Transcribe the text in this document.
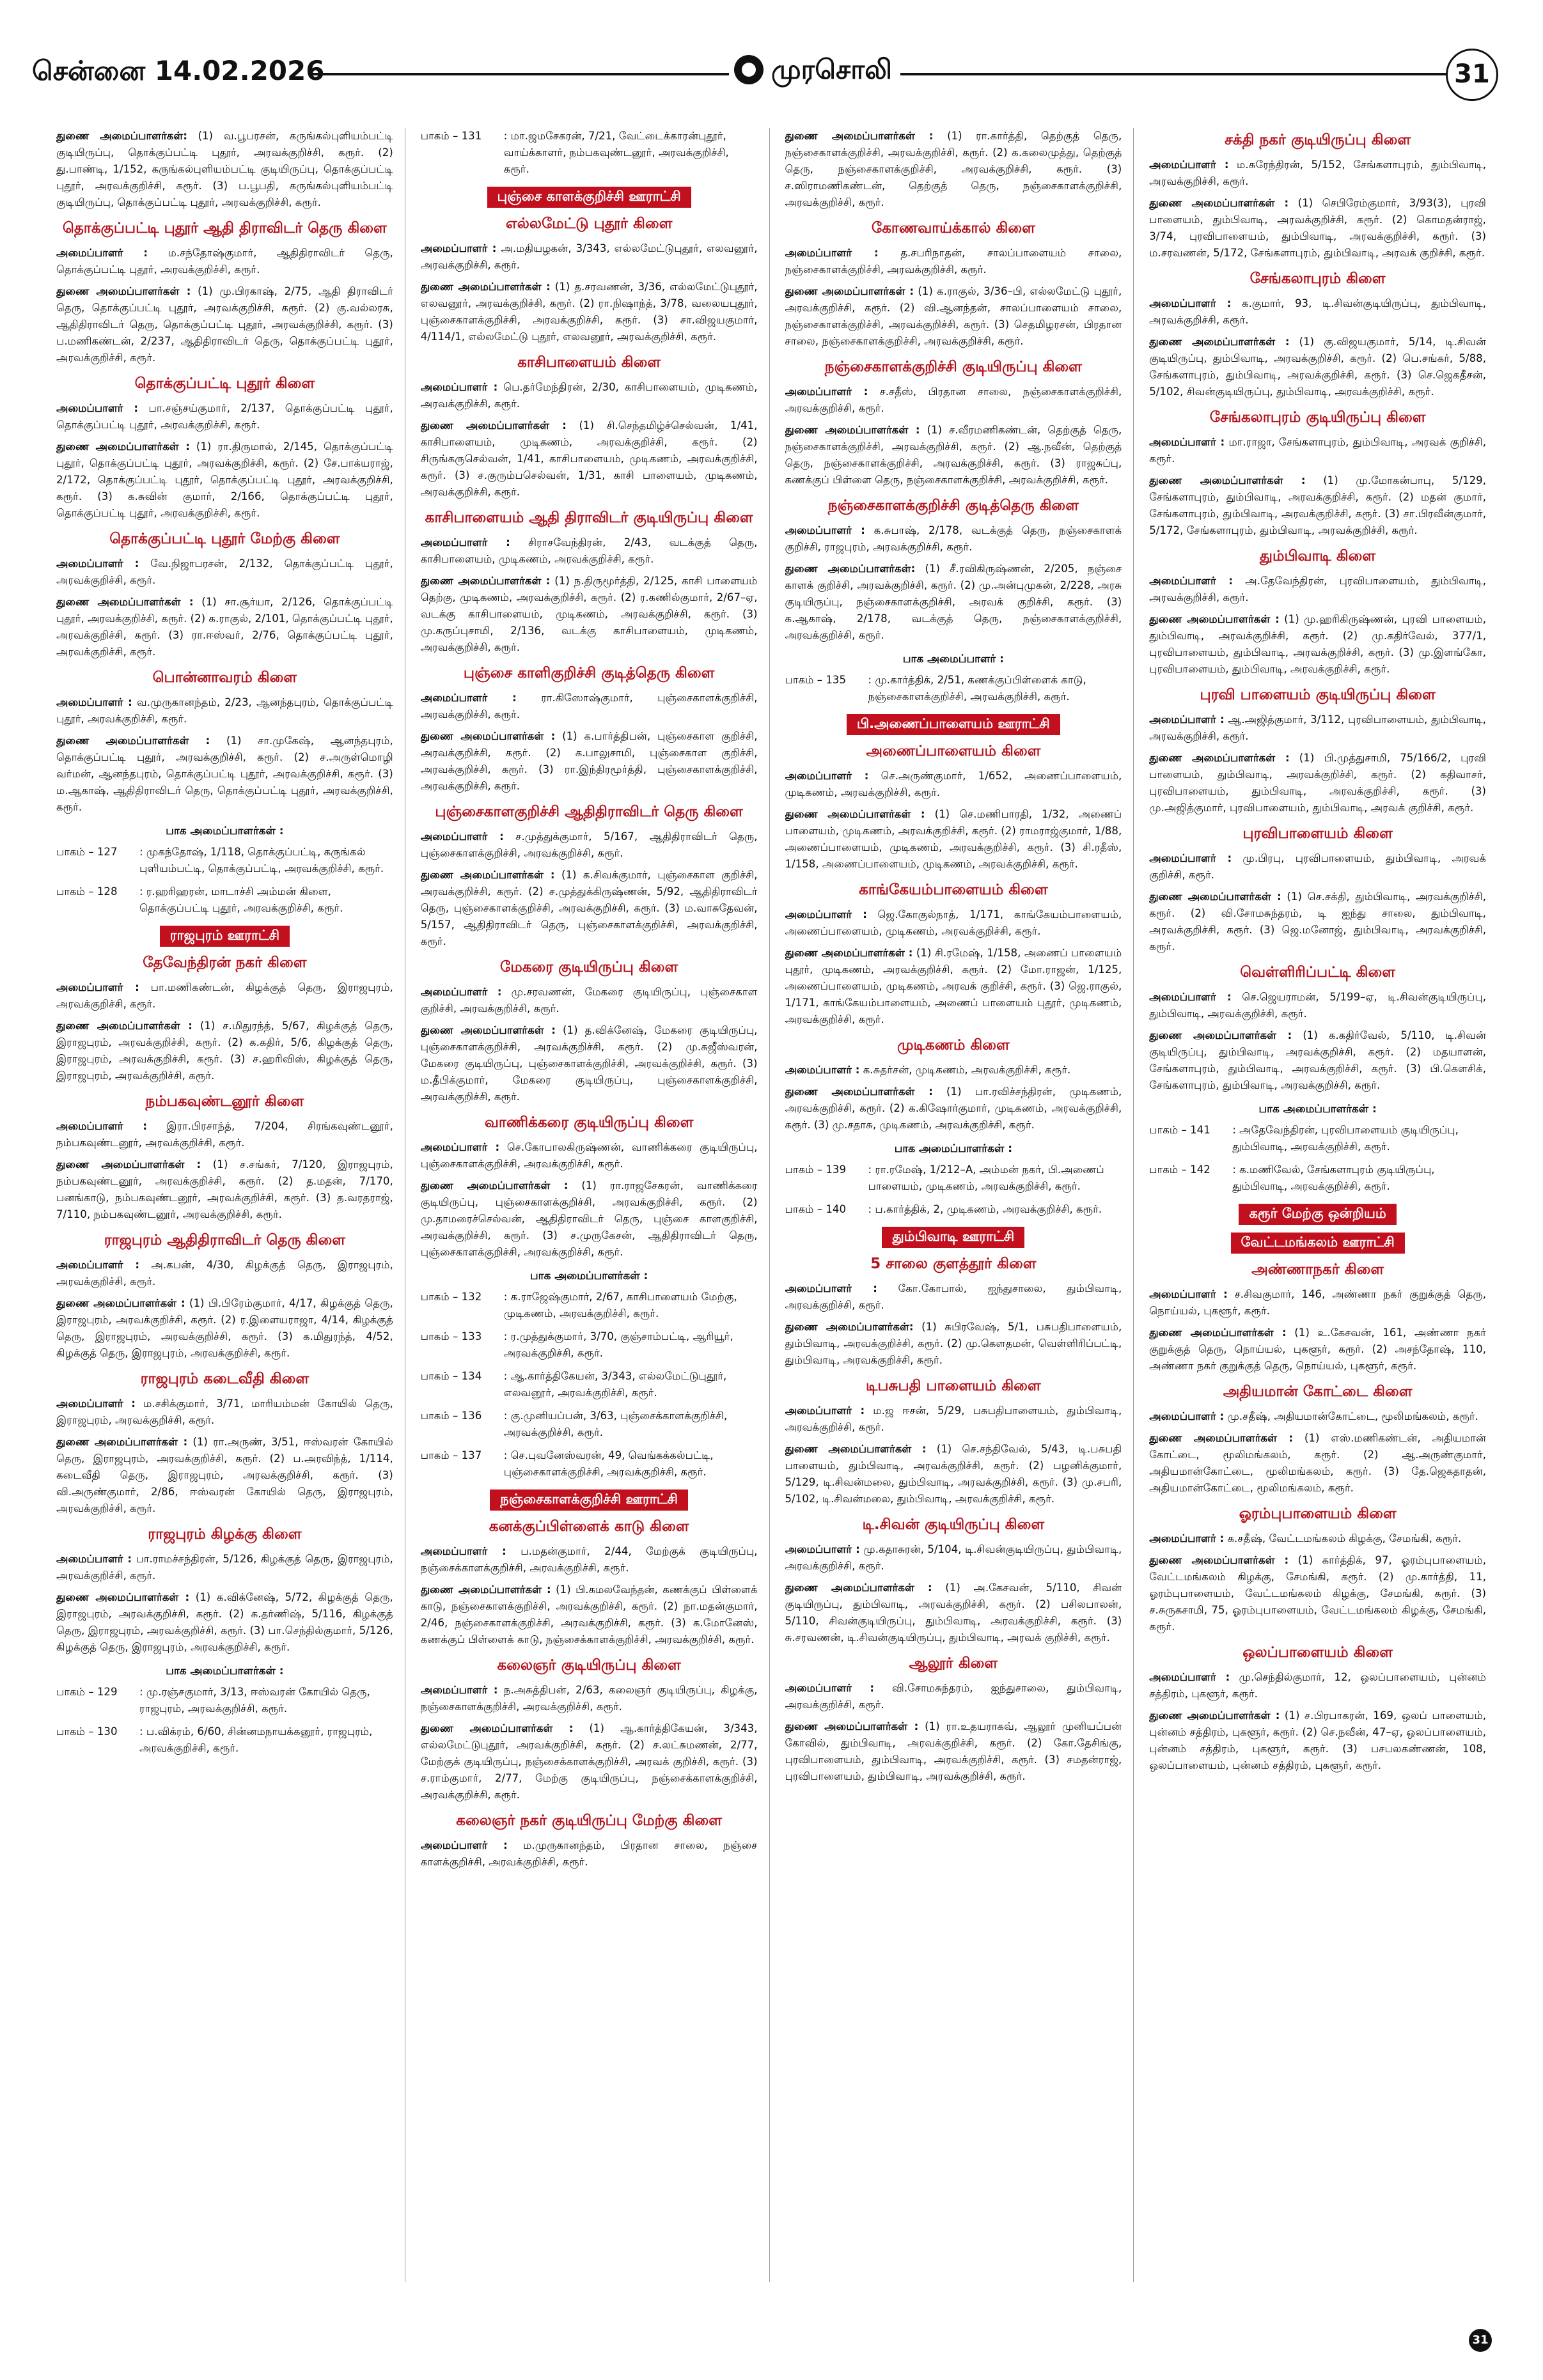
சென்னை 14.02.2026	முரசொலி	31

துணை அமைப்பாளர்கள்: (1) வ.பூபரசன், கருங்கல்புளியம்பட்டி குடியிருப்பு, தொக்குப்பட்டி புதூர், அரவக்குறிச்சி, கரூர். (2) து.பாண்டி, 1/152, கருங்கல்புளியம்பட்டி குடியிருப்பு, தொக்குப்பட்டி புதூர், அரவக்குறிச்சி, கரூர். (3) ப.பூபதி, கருங்கல்புளியம்பட்டி குடியிருப்பு, தொக்குப்பட்டி புதூர், அரவக்குறிச்சி, கரூர்.

தொக்குப்பட்டி புதூர் ஆதி திராவிடர் தெரு கிளை

அமைப்பாளர் : ம.சந்தோஷ்குமார், ஆதிதிராவிடர் தெரு, தொக்குப்பட்டி புதூர், அரவக்குறிச்சி, கரூர்.

துணை அமைப்பாளர்கள் : (1) மு.பிரகாஷ், 2/75, ஆதி திராவிடர் தெரு, தொக்குப்பட்டி புதூர், அரவக்குறிச்சி, கரூர். (2) கு.வல்லரசு, ஆதிதிராவிடர் தெரு, தொக்குப்பட்டி புதூர், அரவக்குறிச்சி, கரூர். (3) ப.மணிகண்டன், 2/237, ஆதிதிராவிடர் தெரு, தொக்குப்பட்டி புதூர், அரவக்குறிச்சி, கரூர்.

தொக்குப்பட்டி புதூர் கிளை

அமைப்பாளர் : பா.சஞ்சய்குமார், 2/137, தொக்குப்பட்டி புதூர், தொக்குப்பட்டி புதூர், அரவக்குறிச்சி, கரூர்.

துணை அமைப்பாளர்கள் : (1) ரா.திருமால், 2/145, தொக்குப்பட்டி புதூர், தொக்குப்பட்டி புதூர், அரவக்குறிச்சி, கரூர். (2) சே.பாக்யராஜ், 2/172, தொக்குப்பட்டி புதூர், தொக்குப்பட்டி புதூர், அரவக்குறிச்சி, கரூர். (3) க.சுவின் குமார், 2/166, தொக்குப்பட்டி புதூர், தொக்குப்பட்டி புதூர், அரவக்குறிச்சி, கரூர்.

தொக்குப்பட்டி புதூர் மேற்கு கிளை

அமைப்பாளர் : வே.நிஜாபரசன், 2/132, தொக்குப்பட்டி புதூர், அரவக்குறிச்சி, கரூர்.

துணை அமைப்பாளர்கள் : (1) சா.சூர்யா, 2/126, தொக்குப்பட்டி புதூர், அரவக்குறிச்சி, கரூர். (2) க.ராகுல், 2/101, தொக்குப்பட்டி புதூர், அரவக்குறிச்சி, கரூர். (3) ரா.ஈஸ்வர், 2/76, தொக்குப்பட்டி புதூர், அரவக்குறிச்சி, கரூர்.

பொன்னாவரம் கிளை

அமைப்பாளர் : வ.முருகானந்தம், 2/23, ஆனந்தபுரம், தொக்குப்பட்டி புதூர், அரவக்குறிச்சி, கரூர்.

துணை அமைப்பாளர்கள் : (1) சா.முகேஷ், ஆனந்தபுரம், தொக்குப்பட்டி புதூர், அரவக்குறிச்சி, கரூர். (2) ச.அருள்மொழி வர்மன், ஆனந்தபுரம், தொக்குப்பட்டி புதூர், அரவக்குறிச்சி, கரூர். (3) ம.ஆகாஷ், ஆதிதிராவிடர் தெரு, தொக்குப்பட்டி புதூர், அரவக்குறிச்சி, கரூர்.

பாக அமைப்பாளர்கள் :
பாகம் – 127	: முகந்தோஷ், 1/118, தொக்குப்பட்டி, கருங்கல் புளியம்பட்டி, தொக்குப்பட்டி, அரவக்குறிச்சி, கரூர்.
பாகம் – 128	: ர.ஹரிஹரன், மாடாச்சி அம்மன் கிளை, தொக்குப்பட்டி புதூர், அரவக்குறிச்சி, கரூர்.
ராஜபுரம் ஊராட்சி
தேவேந்திரன் நகர் கிளை

அமைப்பாளர் : பா.மணிகண்டன், கிழக்குத் தெரு, இராஜபுரம், அரவக்குறிச்சி, கரூர்.

துணை அமைப்பாளர்கள் : (1) ச.மிதுரந்த், 5/67, கிழக்குத் தெரு, இராஜபுரம், அரவக்குறிச்சி, கரூர். (2) க.கதிர், 5/6, கிழக்குத் தெரு, இராஜபுரம், அரவக்குறிச்சி, கரூர். (3) ச.ஹரிவிஸ், கிழக்குத் தெரு, இராஜபுரம், அரவக்குறிச்சி, கரூர்.

நம்பகவுண்டனூர் கிளை

அமைப்பாளர் : இரா.பிரசாந்த், 7/204, சிரங்கவுண்டனூர், நம்பகவுண்டனூர், அரவக்குறிச்சி, கரூர்.

துணை அமைப்பாளர்கள் : (1) ச.சங்கர், 7/120, இராஜபுரம், நம்பகவுண்டனூர், அரவக்குறிச்சி, கரூர். (2) த.மதன், 7/170, பனங்காடு, நம்பகவுண்டனூர், அரவக்குறிச்சி, கரூர். (3) த.வரதராஜ், 7/110, நம்பகவுண்டனூர், அரவக்குறிச்சி, கரூர்.

ராஜபுரம் ஆதிதிராவிடர் தெரு கிளை

அமைப்பாளர் : அ.கபன், 4/30, கிழக்குத் தெரு, இராஜபுரம், அரவக்குறிச்சி, கரூர்.

துணை அமைப்பாளர்கள் : (1) பி.பிரேம்குமார், 4/17, கிழக்குத் தெரு, இராஜபுரம், அரவக்குறிச்சி, கரூர். (2) ர.இளையராஜா, 4/14, கிழக்குத் தெரு, இராஜபுரம், அரவக்குறிச்சி, கரூர். (3) க.மிதுரந்த், 4/52, கிழக்குத் தெரு, இராஜபுரம், அரவக்குறிச்சி, கரூர்.

ராஜபுரம் கடைவீதி கிளை

அமைப்பாளர் : ம.சசிக்குமார், 3/71, மாரியம்மன் கோயில் தெரு, இராஜபுரம், அரவக்குறிச்சி, கரூர்.

துணை அமைப்பாளர்கள் : (1) ரா.அருண், 3/51, ஈஸ்வரன் கோயில் தெரு, இராஜபுரம், அரவக்குறிச்சி, கரூர். (2) ப.அரவிந்த், 1/114, கடைவீதி தெரு, இராஜபுரம், அரவக்குறிச்சி, கரூர். (3) வி.அருண்குமார், 2/86, ஈஸ்வரன் கோயில் தெரு, இராஜபுரம், அரவக்குறிச்சி, கரூர்.

ராஜபுரம் கிழக்கு கிளை

அமைப்பாளர் : பா.ராமச்சந்திரன், 5/126, கிழக்குத் தெரு, இராஜபுரம், அரவக்குறிச்சி, கரூர்.

துணை அமைப்பாளர்கள் : (1) க.விக்னேஷ், 5/72, கிழக்குத் தெரு, இராஜபுரம், அரவக்குறிச்சி, கரூர். (2) க.தர்ணிஷ், 5/116, கிழக்குத் தெரு, இராஜபுரம், அரவக்குறிச்சி, கரூர். (3) பா.செந்தில்குமார், 5/126, கிழக்குத் தெரு, இராஜபுரம், அரவக்குறிச்சி, கரூர்.

பாக அமைப்பாளர்கள் :
பாகம் – 129	: மு.ரஞ்சகுமார், 3/13, ஈஸ்வரன் கோயில் தெரு, ராஜபுரம், அரவக்குறிச்சி, கரூர்.
பாகம் – 130	: ப.விக்ரம், 6/60, சின்னமநாயக்கனூர், ராஜபுரம், அரவக்குறிச்சி, கரூர்.
பாகம் – 131	: மா.ஜமசேகரன், 7/21, வேட்டைக்காரன்புதூர், வாய்க்காளர், நம்பகவுண்டனூர், அரவக்குறிச்சி, கரூர்.
புஞ்சை காளக்குறிச்சி ஊராட்சி
எல்லமேட்டு புதூர் கிளை

அமைப்பாளர் : அ.மதியழகன், 3/343, எல்லமேட்டுபுதூர், எலவனூர், அரவக்குறிச்சி, கரூர்.

துணை அமைப்பாளர்கள் : (1) த.சரவணன், 3/36, எல்லமேட்டுபுதூர், எலவனூர், அரவக்குறிச்சி, கரூர். (2) ரா.நிஷாந்த், 3/78, வலையபுதூர், புஞ்சைகாளக்குறிச்சி, அரவக்குறிச்சி, கரூர். (3) சா.விஜயகுமார், 4/114/1, எல்லமேட்டு புதூர், எலவனூர், அரவக்குறிச்சி, கரூர்.

காசிபாளையம் கிளை

அமைப்பாளர் : பெ.தர்மேந்திரன், 2/30, காசிபாளையம், முடிகணம், அரவக்குறிச்சி, கரூர்.

துணை அமைப்பாளர்கள் : (1) சி.செந்தமிழ்ச்செல்வன், 1/41, காசிபாளையம், முடிகணம், அரவக்குறிச்சி, கரூர். (2) சிருங்கருசெல்வன், 1/41, காசிபாளையம், முடிகணம், அரவக்குறிச்சி, கரூர். (3) ச.குரும்பசெல்வன், 1/31, காசி பாளையம், முடிகணம், அரவக்குறிச்சி, கரூர்.

காசிபாளையம் ஆதி திராவிடர் குடியிருப்பு கிளை

அமைப்பாளர் : சிராசவேந்திரன், 2/43, வடக்குத் தெரு, காசிபாளையம், முடிகணம், அரவக்குறிச்சி, கரூர்.

துணை அமைப்பாளர்கள் : (1) ந.திருமூர்த்தி, 2/125, காசி பாளையம் தெற்கு, முடிகணம், அரவக்குறிச்சி, கரூர். (2) ர.கணில்குமார், 2/67–ஏ, வடக்கு காசிபாளையம், முடிகணம், அரவக்குறிச்சி, கரூர். (3) மு.கருப்புசாமி, 2/136, வடக்கு காசிபாளையம், முடிகணம், அரவக்குறிச்சி, கரூர்.

புஞ்சை காளிகுறிச்சி குடித்தெரு கிளை

அமைப்பாளர் : ரா.கிஸோஷ்குமார், புஞ்சைகாளக்குறிச்சி, அரவக்குறிச்சி, கரூர்.

துணை அமைப்பாளர்கள் : (1) க.பார்த்திபன், புஞ்சைகாள குறிச்சி, அரவக்குறிச்சி, கரூர். (2) க.பாலுசாமி, புஞ்சைகாள குறிச்சி, அரவக்குறிச்சி, கரூர். (3) ரா.இந்திரமூர்த்தி, புஞ்சைகாளக்குறிச்சி, அரவக்குறிச்சி, கரூர்.

புஞ்சைகாளகுறிச்சி ஆதிதிராவிடர் தெரு கிளை

அமைப்பாளர் : ச.முத்துக்குமார், 5/167, ஆதிதிராவிடர் தெரு, புஞ்சைகாளக்குறிச்சி, அரவக்குறிச்சி, கரூர்.

துணை அமைப்பாளர்கள் : (1) க.சிவக்குமார், புஞ்சைகாள குறிச்சி, அரவக்குறிச்சி, கரூர். (2) ச.முத்துக்கிருஷ்ணன், 5/92, ஆதிதிராவிடர் தெரு, புஞ்சைகாளக்குறிச்சி, அரவக்குறிச்சி, கரூர். (3) ம.வாசுதேவன், 5/157, ஆதிதிராவிடர் தெரு, புஞ்சைகாளக்குறிச்சி, அரவக்குறிச்சி, கரூர்.

மேகரை குடியிருப்பு கிளை

அமைப்பாளர் : மு.சரவணன், மேகரை குடியிருப்பு, புஞ்சைகாள குறிச்சி, அரவக்குறிச்சி, கரூர்.

துணை அமைப்பாளர்கள் : (1) த.விக்னேஷ், மேகரை குடியிருப்பு, புஞ்சைகாளக்குறிச்சி, அரவக்குறிச்சி, கரூர். (2) மு.சுஜீஸ்வரன், மேகரை குடியிருப்பு, புஞ்சைகாளக்குறிச்சி, அரவக்குறிச்சி, கரூர். (3) ம.தீபிக்குமார், மேகரை குடியிருப்பு, புஞ்சைகாளக்குறிச்சி, அரவக்குறிச்சி, கரூர்.

வாணிக்கரை குடியிருப்பு கிளை

அமைப்பாளர் : செ.கோபாலகிருஷ்ணன், வாணிக்கரை குடியிருப்பு, புஞ்சைகாளக்குறிச்சி, அரவக்குறிச்சி, கரூர்.

துணை அமைப்பாளர்கள் : (1) ரா.ராஜசேகரன், வாணிக்கரை குடியிருப்பு, புஞ்சைகாளக்குறிச்சி, அரவக்குறிச்சி, கரூர். (2) மு.தாமரைச்செல்வன், ஆதிதிராவிடர் தெரு, புஞ்சை காளகுறிச்சி, அரவக்குறிச்சி, கரூர். (3) ச.முருகேசன், ஆதிதிராவிடர் தெரு, புஞ்சைகாளக்குறிச்சி, அரவக்குறிச்சி, கரூர்.

பாக அமைப்பாளர்கள் :
பாகம் – 132	: க.ராஜேஷ்குமார், 2/67, காசிபாளையம் மேற்கு, முடிகணம், அரவக்குறிச்சி, கரூர்.
பாகம் – 133	: ர.முத்துக்குமார், 3/70, குஞ்சாம்பட்டி, ஆரியூர், அரவக்குறிச்சி, கரூர்.
பாகம் – 134	: ஆ.கார்த்திகேயன், 3/343, எல்லமேட்டுபுதூர், எலவனூர், அரவக்குறிச்சி, கரூர்.
பாகம் – 136	: கு.முனியப்பன், 3/63, புஞ்சைக்காளக்குறிச்சி, அரவக்குறிச்சி, கரூர்.
பாகம் – 137	: செ.புவனேஸ்வரன், 49, வெங்கக்கல்பட்டி, புஞ்சைகாளக்குறிச்சி, அரவக்குறிச்சி, கரூர்.
நஞ்சைகாளக்குறிச்சி ஊராட்சி
கனக்குப்பிள்ளைக் காடு கிளை

அமைப்பாளர் : ப.மதன்குமார், 2/44, மேற்குக் குடியிருப்பு, நஞ்சைக்காளக்குறிச்சி, அரவக்குறிச்சி, கரூர்.

துணை அமைப்பாளர்கள் : (1) பி.கமலவேந்தன், கணக்குப் பிள்ளைக் காடு, நஞ்சைகாளக்குறிச்சி, அரவக்குறிச்சி, கரூர். (2) நா.மதன்குமார், 2/46, நஞ்சைகாளக்குறிச்சி, அரவக்குறிச்சி, கரூர். (3) க.மோனேஸ், கணக்குப் பிள்ளைக் காடு, நஞ்சைக்காளக்குறிச்சி, அரவக்குறிச்சி, கரூர்.

கலைஞர் குடியிருப்பு கிளை

அமைப்பாளர் : ந.அசுத்திபன், 2/63, கலைஞர் குடியிருப்பு, கிழக்கு, நஞ்சைகாளக்குறிச்சி, அரவக்குறிச்சி, கரூர்.

துணை அமைப்பாளர்கள் : (1) ஆ.கார்த்திகேயன், 3/343, எல்லமேட்டுபுதூர், அரவக்குறிச்சி, கரூர். (2) ச.லட்சுமணன், 2/77, மேற்குக் குடியிருப்பு, நஞ்சைக்காளக்குறிச்சி, அரவக் குறிச்சி, கரூர். (3) ச.ராம்குமார், 2/77, மேற்கு குடியிருப்பு, நஞ்சைக்காளக்குறிச்சி, அரவக்குறிச்சி, கரூர்.

கலைஞர் நகர் குடியிருப்பு மேற்கு கிளை

அமைப்பாளர் : ம.முருகானந்தம், பிரதான சாலை, நஞ்சை காளக்குறிச்சி, அரவக்குறிச்சி, கரூர்.

துணை அமைப்பாளர்கள் : (1) ரா.கார்த்தி, தெற்குத் தெரு, நஞ்சைகாளக்குறிச்சி, அரவக்குறிச்சி, கரூர். (2) க.கலைமுத்து, தெற்குத் தெரு, நஞ்சைகாளக்குறிச்சி, அரவக்குறிச்சி, கரூர். (3) ச.ஸிராமணிகண்டன், தெற்குத் தெரு, நஞ்சைகாளக்குறிச்சி, அரவக்குறிச்சி, கரூர்.

கோணவாய்க்கால் கிளை

அமைப்பாளர் : த.சபரிநாதன், சாலப்பாளையம் சாலை, நஞ்சைகாளக்குறிச்சி, அரவக்குறிச்சி, கரூர்.

துணை அமைப்பாளர்கள் : (1) க.ராகுல், 3/36–பி, எல்லமேட்டு புதூர், அரவக்குறிச்சி, கரூர். (2) வி.ஆனந்தன், சாலப்பாளையம் சாலை, நஞ்சைகாளக்குறிச்சி, அரவக்குறிச்சி, கரூர். (3) செதமிழரசன், பிரதான சாலை, நஞ்சைகாளக்குறிச்சி, அரவக்குறிச்சி, கரூர்.

நஞ்சைகாளக்குறிச்சி குடியிருப்பு கிளை

அமைப்பாளர் : ச.சதீஸ், பிரதான சாலை, நஞ்சைகாளக்குறிச்சி, அரவக்குறிச்சி, கரூர்.

துணை அமைப்பாளர்கள் : (1) ச.வீரமணிகண்டன், தெற்குத் தெரு, நஞ்சைகாளக்குறிச்சி, அரவக்குறிச்சி, கரூர். (2) ஆ.நவீன், தெற்குத் தெரு, நஞ்சைகாளக்குறிச்சி, அரவக்குறிச்சி, கரூர். (3) ராஜசுப்பு, கணக்குப் பிள்ளை தெரு, நஞ்சைகாளக்குறிச்சி, அரவக்குறிச்சி, கரூர்.

நஞ்சைகாளக்குறிச்சி குடித்தெரு கிளை

அமைப்பாளர் : க.சுபாஷ், 2/178, வடக்குத் தெரு, நஞ்சைகாளக் குறிச்சி, ராஜபுரம், அரவக்குறிச்சி, கரூர்.

துணை அமைப்பாளர்கள்: (1) சீ.ரவிகிருஷ்ணன், 2/205, நஞ்சை காளக் குறிச்சி, அரவக்குறிச்சி, கரூர். (2) மு.அன்புமுகன், 2/228, அரசு குடியிருப்பு, நஞ்சைகாளக்குறிச்சி, அரவக் குறிச்சி, கரூர். (3) க.ஆகாஷ், 2/178, வடக்குத் தெரு, நஞ்சைகாளக்குறிச்சி, அரவக்குறிச்சி, கரூர்.

பாக அமைப்பாளர் :
பாகம் – 135	: மு.கார்த்திக், 2/51, கணக்குப்பிள்ளைக் காடு, நஞ்சைகாளக்குறிச்சி, அரவக்குறிச்சி, கரூர்.
பி.அணைப்பாளையம் ஊராட்சி
அணைப்பாளையம் கிளை

அமைப்பாளர் : செ.அருண்குமார், 1/652, அணைப்பாளையம், முடிகணம், அரவக்குறிச்சி, கரூர்.

துணை அமைப்பாளர்கள் : (1) செ.மணிபாரதி, 1/32, அணைப் பாளையம், முடிகணம், அரவக்குறிச்சி, கரூர். (2) ராமராஜ்குமார், 1/88, அணைப்பாளையம், முடிகணம், அரவக்குறிச்சி, கரூர். (3) சி.ரதீஸ், 1/158, அணைப்பாளையம், முடிகணம், அரவக்குறிச்சி, கரூர்.

காங்கேயம்பாளையம் கிளை

அமைப்பாளர் : ஜெ.கோகுல்நாத், 1/171, காங்கேயம்பாளையம், அணைப்பாளையம், முடிகணம், அரவக்குறிச்சி, கரூர்.

துணை அமைப்பாளர்கள் : (1) சி.ரமேஷ், 1/158, அணைப் பாளையம் புதூர், முடிகணம், அரவக்குறிச்சி, கரூர். (2) மோ.ராஜன், 1/125, அணைப்பாளையம், முடிகணம், அரவக் குறிச்சி, கரூர். (3) ஜெ.ராகுல், 1/171, காங்கேயம்பாளையம், அணைப் பாளையம் புதூர், முடிகணம், அரவக்குறிச்சி, கரூர்.

முடிகணம் கிளை

அமைப்பாளர் : க.சுதர்சன், முடிகணம், அரவக்குறிச்சி, கரூர்.

துணை அமைப்பாளர்கள் : (1) பா.ரவிச்சந்திரன், முடிகணம், அரவக்குறிச்சி, கரூர். (2) க.கிஷோர்குமார், முடிகணம், அரவக்குறிச்சி, கரூர். (3) மு.சதாசு, முடிகணம், அரவக்குறிச்சி, கரூர்.

பாக அமைப்பாளர்கள் :
பாகம் – 139	: ரா.ரமேஷ், 1/212–A, அம்மன் நகர், பி.அணைப் பாளையம், முடிகணம், அரவக்குறிச்சி, கரூர்.
பாகம் – 140	: ப.கார்த்திக், 2, முடிகணம், அரவக்குறிச்சி, கரூர்.
தும்பிவாடி ஊராட்சி
5 சாலை குளத்தூர் கிளை

அமைப்பாளர் : கோ.கோபால், ஐந்துசாலை, தும்பிவாடி, அரவக்குறிச்சி, கரூர்.

துணை அமைப்பாளர்கள்: (1) சுபிரவேஷ், 5/1, பசுபதிபாளையம், தும்பிவாடி, அரவக்குறிச்சி, கரூர். (2) மு.கௌதமன், வெள்ளிரிப்பட்டி, தும்பிவாடி, அரவக்குறிச்சி, கரூர்.

டிபசுபதி பாளையம் கிளை

அமைப்பாளர் : ம.ஜ ஈசன், 5/29, பசுபதிபாளையம், தும்பிவாடி, அரவக்குறிச்சி, கரூர்.

துணை அமைப்பாளர்கள் : (1) செ.சந்திவேல், 5/43, டி.பசுபதி பாளையம், தும்பிவாடி, அரவக்குறிச்சி, கரூர். (2) பழனிக்குமார், 5/129, டி.சிவன்மலை, தும்பிவாடி, அரவக்குறிச்சி, கரூர். (3) மு.சபரி, 5/102, டி.சிவன்மலை, தும்பிவாடி, அரவக்குறிச்சி, கரூர்.

டி.சிவன் குடியிருப்பு கிளை

அமைப்பாளர் : மு.கதாசுரன், 5/104, டி.சிவன்குடியிருப்பு, தும்பிவாடி, அரவக்குறிச்சி, கரூர்.

துணை அமைப்பாளர்கள் : (1) அ.கேசவன், 5/110, சிவன் குடியிருப்பு, தும்பிவாடி, அரவக்குறிச்சி, கரூர். (2) பசிலபாலன், 5/110, சிவன்குடியிருப்பு, தும்பிவாடி, அரவக்குறிச்சி, கரூர். (3) சு.சரவணன், டி.சிவன்குடியிருப்பு, தும்பிவாடி, அரவக் குறிச்சி, கரூர்.

ஆலூர் கிளை

அமைப்பாளர் : வி.சோமசுந்தரம், ஐந்துசாலை, தும்பிவாடி, அரவக்குறிச்சி, கரூர்.

துணை அமைப்பாளர்கள் : (1) ரா.உதயராகவ், ஆலூர் முனியப்பன் கோவில், தும்பிவாடி, அரவக்குறிச்சி, கரூர். (2) கோ.தேசிங்கு, புரவிபாளையம், தும்பிவாடி, அரவக்குறிச்சி, கரூர். (3) சமதன்ராஜ், புரவிபாளையம், தும்பிவாடி, அரவக்குறிச்சி, கரூர்.

சக்தி நகர் குடியிருப்பு கிளை

அமைப்பாளர் : ம.சுரேந்திரன், 5/152, சேங்களாபுரம், தும்பிவாடி, அரவக்குறிச்சி, கரூர்.

துணை அமைப்பாளர்கள் : (1) செபிரேம்குமார், 3/93(3), புரவி பாளையம், தும்பிவாடி, அரவக்குறிச்சி, கரூர். (2) கொமதன்ராஜ், 3/74, புரவிபாளையம், தும்பிவாடி, அரவக்குறிச்சி, கரூர். (3) ம.சரவணன், 5/172, சேங்களாபுரம், தும்பிவாடி, அரவக் குறிச்சி, கரூர்.

சேங்கலாபுரம் கிளை

அமைப்பாளர் : க.குமார், 93, டி.சிவன்குடியிருப்பு, தும்பிவாடி, அரவக்குறிச்சி, கரூர்.

துணை அமைப்பாளர்கள் : (1) கு.விஜயகுமார், 5/14, டி.சிவன் குடியிருப்பு, தும்பிவாடி, அரவக்குறிச்சி, கரூர். (2) பெ.சங்கர், 5/88, சேங்களாபுரம், தும்பிவாடி, அரவக்குறிச்சி, கரூர். (3) செ.ஜெகதீசன், 5/102, சிவன்குடியிருப்பு, தும்பிவாடி, அரவக்குறிச்சி, கரூர்.

சேங்கலாபுரம் குடியிருப்பு கிளை

அமைப்பாளர் : மா.ராஜா, சேங்களாபுரம், தும்பிவாடி, அரவக் குறிச்சி, கரூர்.

துணை அமைப்பாளர்கள் : (1) மு.மோகன்பாபு, 5/129, சேங்களாபுரம், தும்பிவாடி, அரவக்குறிச்சி, கரூர். (2) மதன் குமார், சேங்களாபுரம், தும்பிவாடி, அரவக்குறிச்சி, கரூர். (3) சா.பிரவீன்குமார், 5/172, சேங்களாபுரம், தும்பிவாடி, அரவக்குறிச்சி, கரூர்.

தும்பிவாடி கிளை

அமைப்பாளர் : அ.தேவேந்திரன், புரவிபாளையம், தும்பிவாடி, அரவக்குறிச்சி, கரூர்.

துணை அமைப்பாளர்கள் : (1) மு.ஹரிகிருஷ்ணன், புரவி பாளையம், தும்பிவாடி, அரவக்குறிச்சி, கரூர். (2) மு.கதிர்வேல், 377/1, புரவிபாளையம், தும்பிவாடி, அரவக்குறிச்சி, கரூர். (3) மு.இளங்கோ, புரவிபாளையம், தும்பிவாடி, அரவக்குறிச்சி, கரூர்.

புரவி பாளையம் குடியிருப்பு கிளை

அமைப்பாளர் : ஆ.அஜித்குமார், 3/112, புரவிபாளையம், தும்பிவாடி, அரவக்குறிச்சி, கரூர்.

துணை அமைப்பாளர்கள் : (1) பி.முத்துசாமி, 75/166/2, புரவி பாளையம், தும்பிவாடி, அரவக்குறிச்சி, கரூர். (2) கதிவாசர், புரவிபாளையம், தும்பிவாடி, அரவக்குறிச்சி, கரூர். (3) மு.அஜித்குமார், புரவிபாளையம், தும்பிவாடி, அரவக் குறிச்சி, கரூர்.

புரவிபாளையம் கிளை

அமைப்பாளர் : மு.பிரபு, புரவிபாளையம், தும்பிவாடி, அரவக் குறிச்சி, கரூர்.

துணை அமைப்பாளர்கள் : (1) செ.சக்தி, தும்பிவாடி, அரவக்குறிச்சி, கரூர். (2) வி.சோமசுந்தரம், டி ஐந்து சாலை, தும்பிவாடி, அரவக்குறிச்சி, கரூர். (3) ஜெ.மனோஜ், தும்பிவாடி, அரவக்குறிச்சி, கரூர்.

வெள்ளிரிப்பட்டி கிளை

அமைப்பாளர் : செ.ஜெயராமன், 5/199–ஏ, டி.சிவன்குடியிருப்பு, தும்பிவாடி, அரவக்குறிச்சி, கரூர்.

துணை அமைப்பாளர்கள் : (1) க.கதிர்வேல், 5/110, டி.சிவன் குடியிருப்பு, தும்பிவாடி, அரவக்குறிச்சி, கரூர். (2) மதயாளன், சேங்களாபுரம், தும்பிவாடி, அரவக்குறிச்சி, கரூர். (3) பி.கௌசிக், சேங்களாபுரம், தும்பிவாடி, அரவக்குறிச்சி, கரூர்.

பாக அமைப்பாளர்கள் :
பாகம் – 141	: அதேவேந்திரன், புரவிபாளையம் குடியிருப்பு, தும்பிவாடி, அரவக்குறிச்சி, கரூர்.
பாகம் – 142	: க.மணிவேல், சேங்களாபுரம் குடியிருப்பு, தும்பிவாடி, அரவக்குறிச்சி, கரூர்.
கரூர் மேற்கு ஒன்றியம்
வேட்டமங்கலம் ஊராட்சி
அண்ணாநகர் கிளை

அமைப்பாளர் : ச.சிவகுமார், 146, அண்ணா நகர் குறுக்குத் தெரு, நொய்யல், புகளூர், கரூர்.

துணை அமைப்பாளர்கள் : (1) உ.கேசவன், 161, அண்ணா நகர் குறுக்குத் தெரு, நொய்யல், புகளூர், கரூர். (2) அசந்தோஷ், 110, அண்ணா நகர் குறுக்குத் தெரு, நொய்யல், புகளூர், கரூர்.

அதியமான் கோட்டை கிளை

அமைப்பாளர் : மு.சதீஷ், அதியமான்கோட்டை, மூலிமங்கலம், கரூர்.

துணை அமைப்பாளர்கள் : (1) எஸ்.மணிகண்டன், அதியமான் கோட்டை, மூலிமங்கலம், கரூர். (2) ஆ.அருண்குமார், அதியமான்கோட்டை, மூலிமங்கலம், கரூர். (3) தே.ஜெகதாதன், அதியமான்கோட்டை, மூலிமங்கலம், கரூர்.

ஓரம்புபாளையம் கிளை

அமைப்பாளர் : க.சதீஷ், வேட்டமங்கலம் கிழக்கு, சேமங்கி, கரூர்.

துணை அமைப்பாளர்கள் : (1) கார்த்திக், 97, ஓரம்புபாளையம், வேட்டமங்கலம் கிழக்கு, சேமங்கி, கரூர். (2) மு.கார்த்தி, 11, ஓரம்புபாளையம், வேட்டமங்கலம் கிழக்கு, சேமங்கி, கரூர். (3) ச.சுருகசாமி, 75, ஓரம்புபாளையம், வேட்டமங்கலம் கிழக்கு, சேமங்கி, கரூர்.

ஒலப்பாளையம் கிளை

அமைப்பாளர் : மு.செந்தில்குமார், 12, ஒலப்பாளையம், புன்னம் சத்திரம், புகளூர், கரூர்.

துணை அமைப்பாளர்கள் : (1) ச.பிரபாகரன், 169, ஒலப் பாளையம், புன்னம் சத்திரம், புகளூர், கரூர். (2) செ.நவீன், 47–ஏ, ஒலப்பாளையம், புன்னம் சத்திரம், புகளூர், கரூர். (3) பசபலகண்ணன், 108, ஒலப்பாளையம், புன்னம் சத்திரம், புகளூர், கரூர்.

31
